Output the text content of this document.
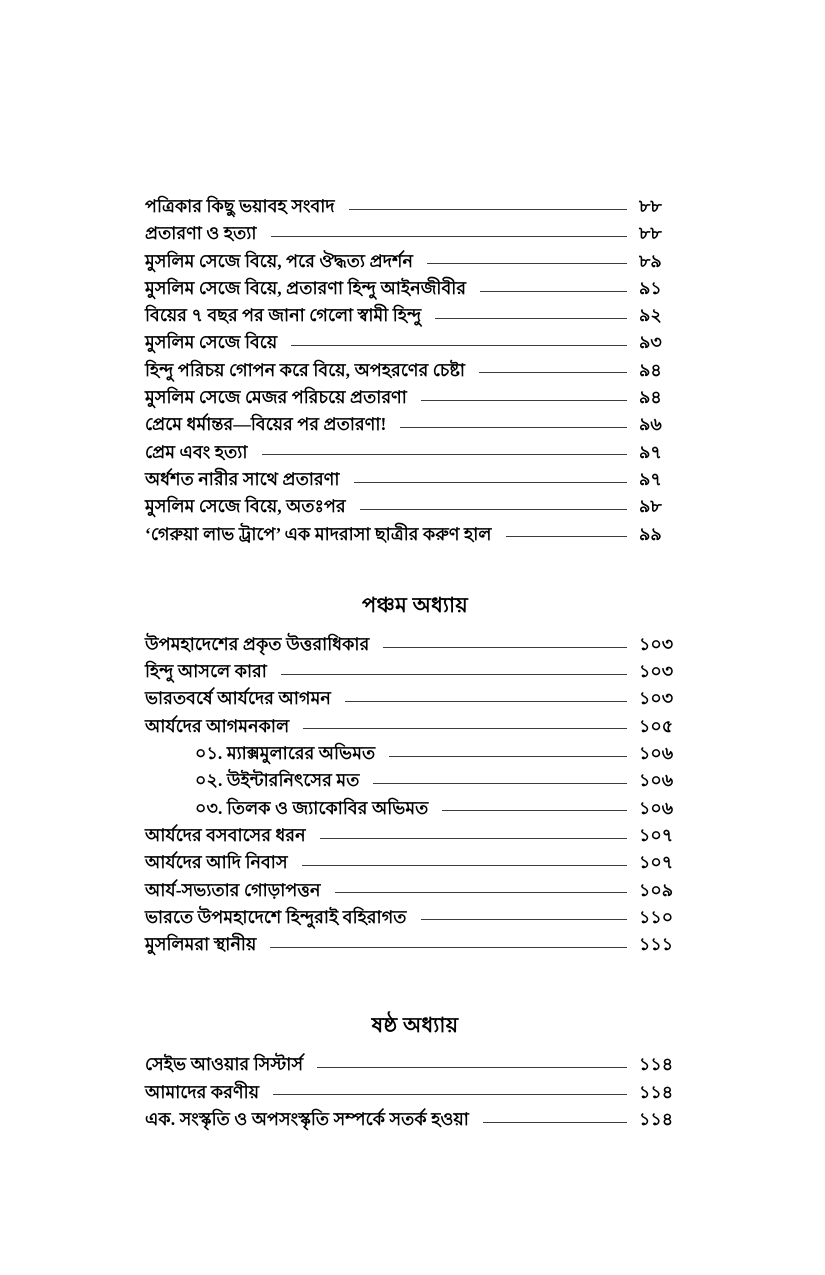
পত্রিকার কিছু ভয়াবহ সংবাদ	৮৮
প্রতারণা ও হত্যা	৮৮
মুসলিম সেজে বিয়ে, পরে ঔদ্ধত্য প্রদর্শন	৮৯
মুসলিম সেজে বিয়ে, প্রতারণা হিন্দু আইনজীবীর	৯১
বিয়ের ৭ বছর পর জানা গেলো স্বামী হিন্দু	৯২
মুসলিম সেজে বিয়ে	৯৩
হিন্দু পরিচয় গোপন করে বিয়ে, অপহরণের চেষ্টা	৯৪
মুসলিম সেজে মেজর পরিচয়ে প্রতারণা	৯৪
প্রেমে ধর্মান্তর—বিয়ের পর প্রতারণা!	৯৬
প্রেম এবং হত্যা	৯৭
অর্ধশত নারীর সাথে প্রতারণা	৯৭
মুসলিম সেজে বিয়ে, অতঃপর	৯৮
‘গেরুয়া লাভ ট্রাপে’ এক মাদরাসা ছাত্রীর করুণ হাল	৯৯
পঞ্চম অধ্যায়
উপমহাদেশের প্রকৃত উত্তরাধিকার	১০৩
হিন্দু আসলে কারা	১০৩
ভারতবর্ষে আর্যদের আগমন	১০৩
আর্যদের আগমনকাল	১০৫
০১. ম্যাক্সমুলারের অভিমত	১০৬
০২. উইন্টারনিৎসের মত	১০৬
০৩. তিলক ও জ্যাকোবির অভিমত	১০৬
আর্যদের বসবাসের ধরন	১০৭
আর্যদের আদি নিবাস	১০৭
আর্য-সভ্যতার গোড়াপত্তন	১০৯
ভারতে উপমহাদেশে হিন্দুরাই বহিরাগত	১১০
মুসলিমরা স্থানীয়	১১১
ষষ্ঠ অধ্যায়
সেইভ আওয়ার সিস্টার্স	১১৪
আমাদের করণীয়	১১৪
এক. সংস্কৃতি ও অপসংস্কৃতি সম্পর্কে সতর্ক হওয়া	১১৪
